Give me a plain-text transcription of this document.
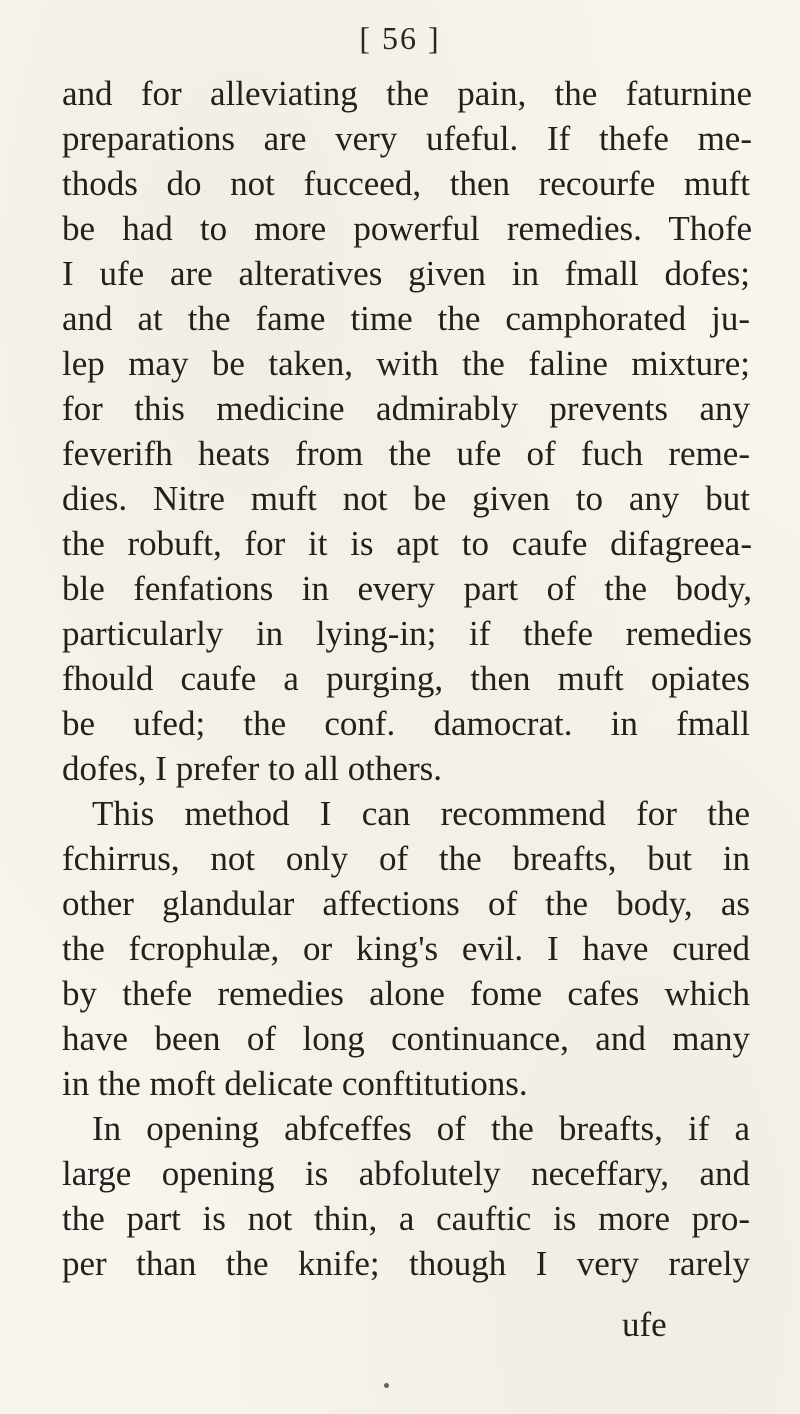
[ 56 ]
and for alleviating the pain, the faturnine
preparations are very ufeful. If thefe me-
thods do not fucceed, then recourfe muft
be had to more powerful remedies. Thofe
I ufe are alteratives given in fmall dofes;
and at the fame time the camphorated ju-
lep may be taken, with the faline mixture;
for this medicine admirably prevents any
feverifh heats from the ufe of fuch reme-
dies. Nitre muft not be given to any but
the robuft, for it is apt to caufe difagreea-
ble fenfations in every part of the body,
particularly in lying-in; if thefe remedies
fhould caufe a purging, then muft opiates
be ufed; the conf. damocrat. in fmall
dofes, I prefer to all others.
This method I can recommend for the
fchirrus, not only of the breafts, but in
other glandular affections of the body, as
the fcrophulæ, or king's evil. I have cured
by thefe remedies alone fome cafes which
have been of long continuance, and many
in the moft delicate conftitutions.
In opening abfceffes of the breafts, if a
large opening is abfolutely neceffary, and
the part is not thin, a cauftic is more pro-
per than the knife; though I very rarely
ufe
